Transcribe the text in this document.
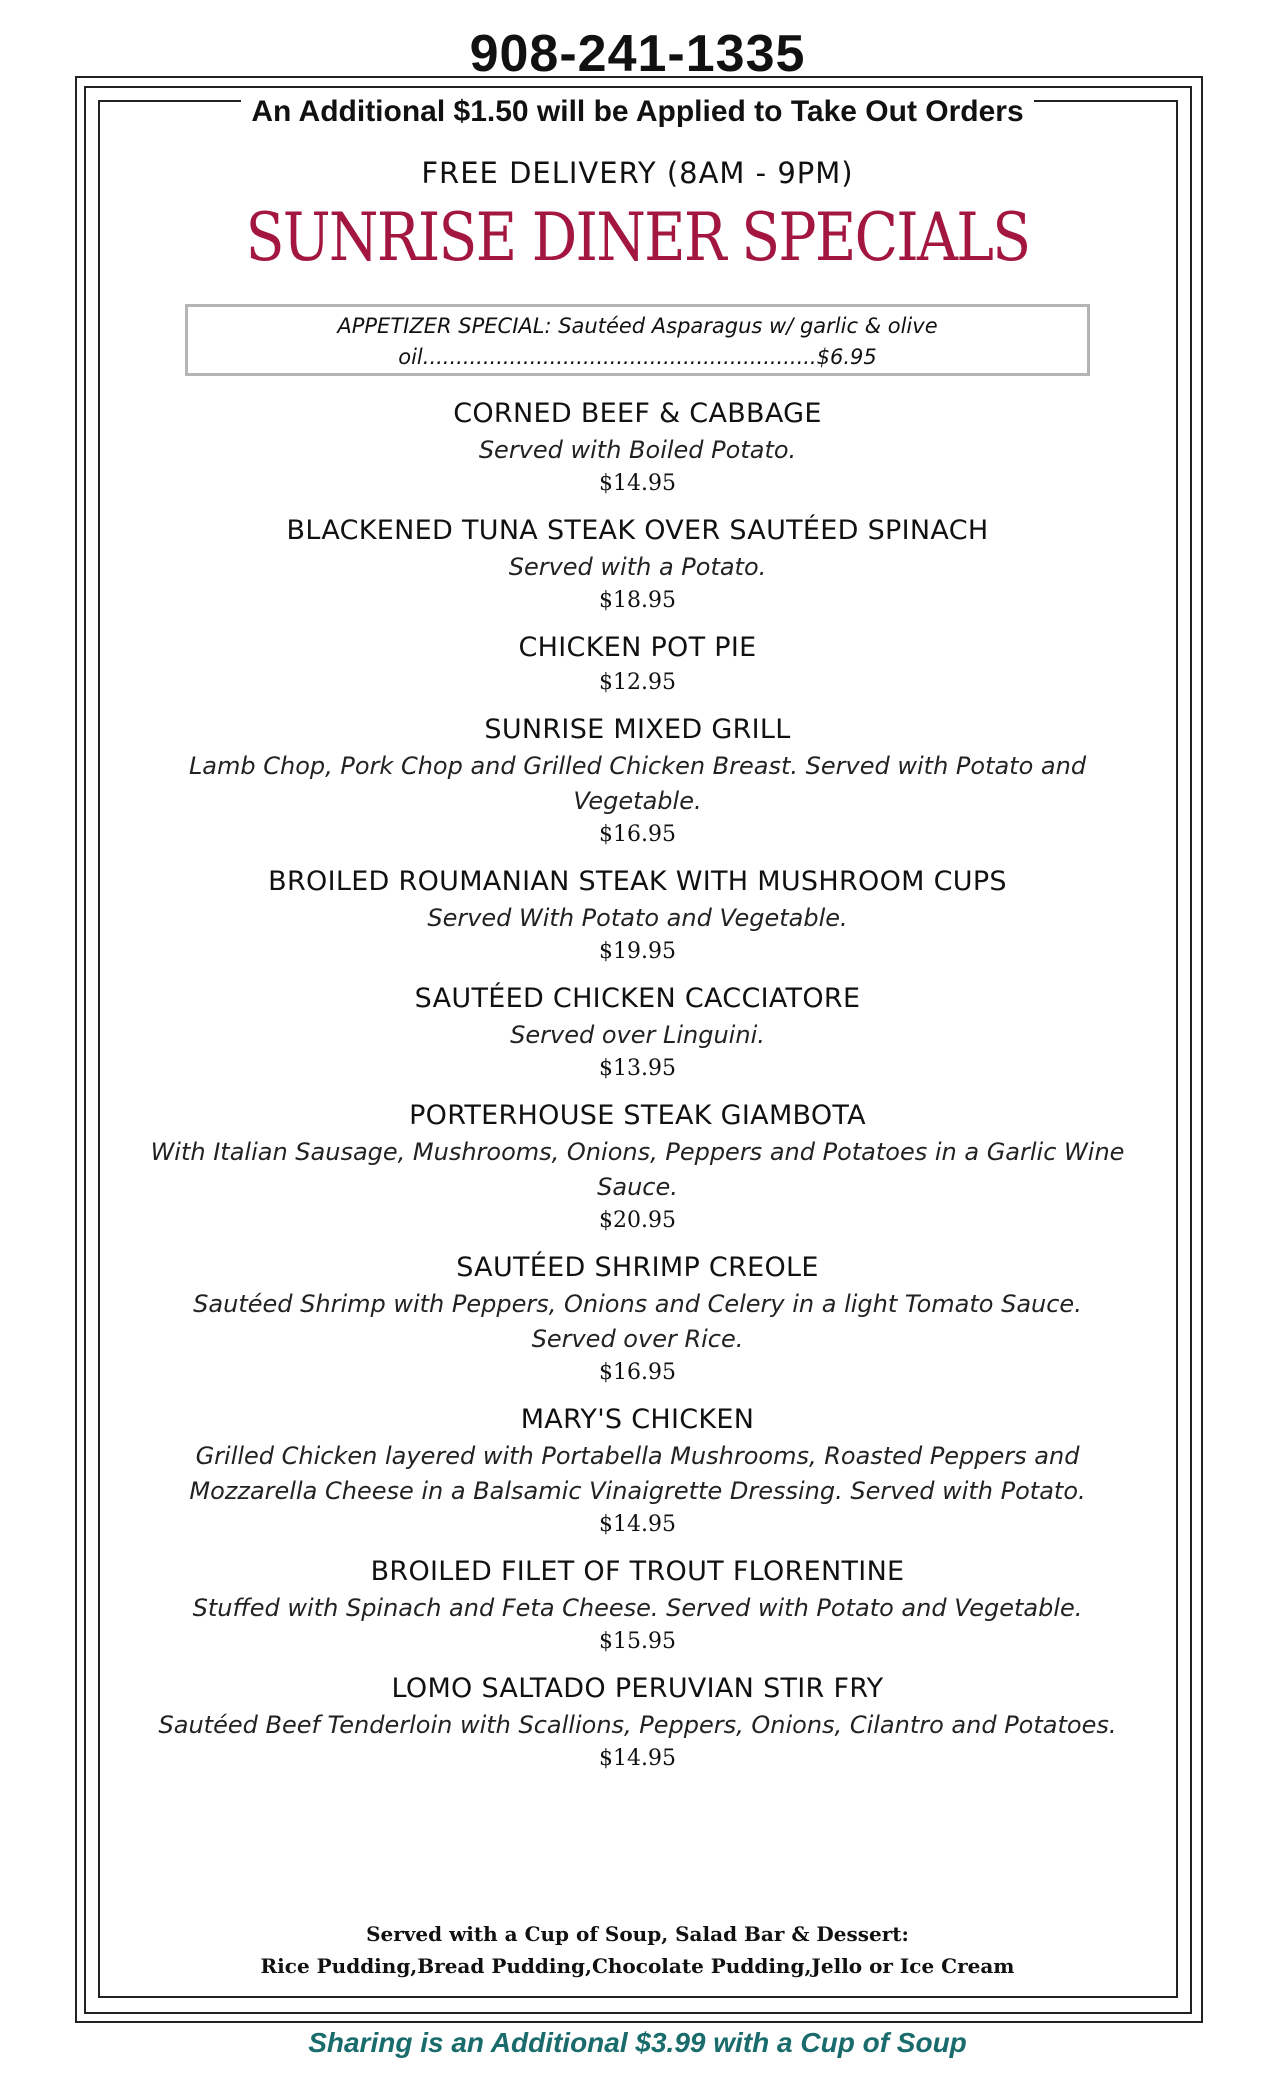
908-241-1335
An Additional $1.50 will be Applied to Take Out Orders
FREE DELIVERY (8AM - 9PM)
SUNRISE DINER SPECIALS
APPETIZER SPECIAL: Sautéed Asparagus w/ garlic & olive
oil...........................................................$6.95
CORNED BEEF & CABBAGE
Served with Boiled Potato.
$14.95
BLACKENED TUNA STEAK OVER SAUTÉED SPINACH
Served with a Potato.
$18.95
CHICKEN POT PIE
$12.95
SUNRISE MIXED GRILL
Lamb Chop, Pork Chop and Grilled Chicken Breast. Served with Potato and Vegetable.
$16.95
BROILED ROUMANIAN STEAK WITH MUSHROOM CUPS
Served With Potato and Vegetable.
$19.95
SAUTÉED CHICKEN CACCIATORE
Served over Linguini.
$13.95
PORTERHOUSE STEAK GIAMBOTA
With Italian Sausage, Mushrooms, Onions, Peppers and Potatoes in a Garlic Wine Sauce.
$20.95
SAUTÉED SHRIMP CREOLE
Sautéed Shrimp with Peppers, Onions and Celery in a light Tomato Sauce. Served over Rice.
$16.95
MARY'S CHICKEN
Grilled Chicken layered with Portabella Mushrooms, Roasted Peppers and Mozzarella Cheese in a Balsamic Vinaigrette Dressing. Served with Potato.
$14.95
BROILED FILET OF TROUT FLORENTINE
Stuffed with Spinach and Feta Cheese. Served with Potato and Vegetable.
$15.95
LOMO SALTADO PERUVIAN STIR FRY
Sautéed Beef Tenderloin with Scallions, Peppers, Onions, Cilantro and Potatoes.
$14.95
Served with a Cup of Soup, Salad Bar & Dessert:
Rice Pudding,Bread Pudding,Chocolate Pudding,Jello or Ice Cream
Sharing is an Additional $3.99 with a Cup of Soup
